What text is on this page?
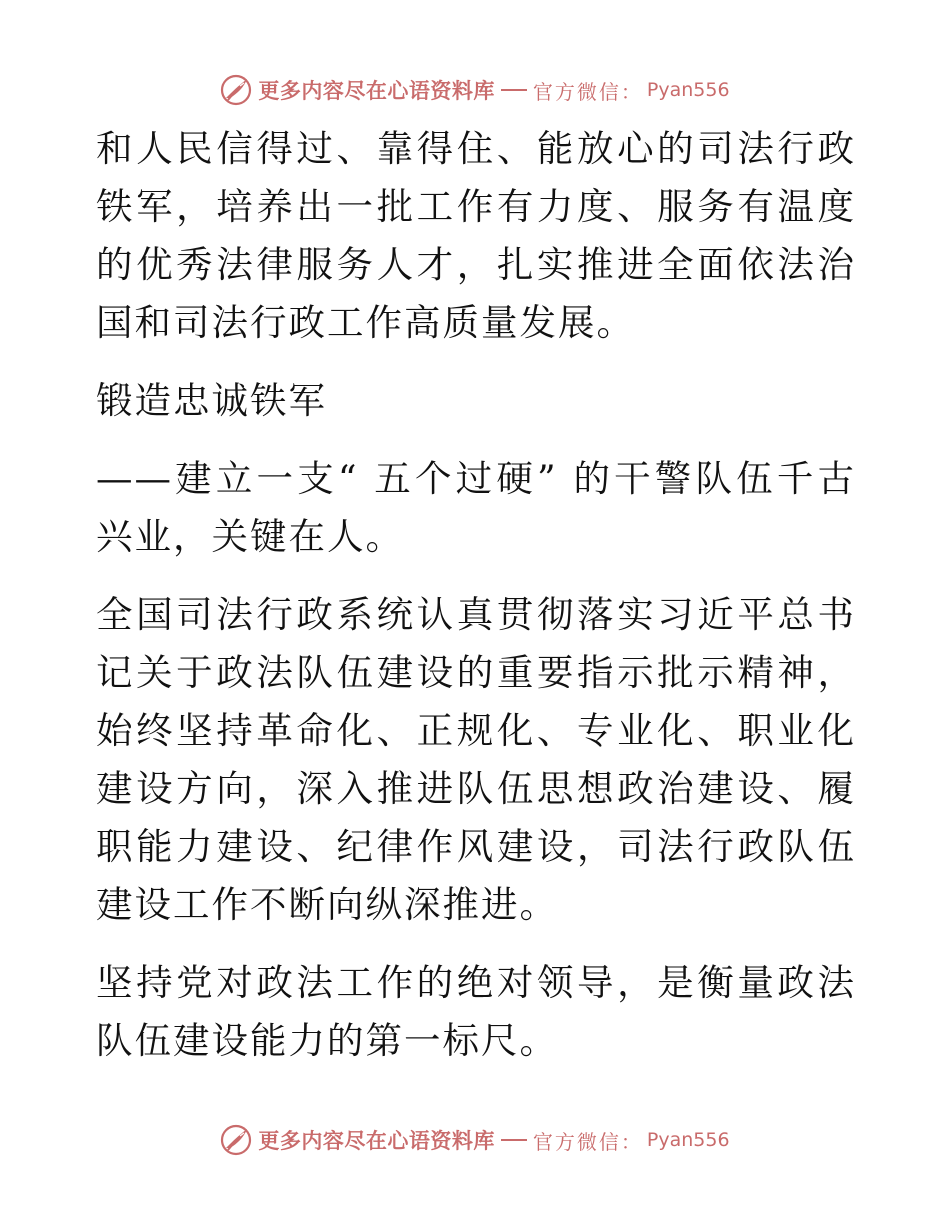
更多内容尽在心语资料库 官方微信： Pyan556

和人民信得过、靠得住、能放心的司法行政铁军，培养出一批工作有力度、服务有温度的优秀法律服务人才，扎实推进全面依法治国和司法行政工作高质量发展。

锻造忠诚铁军

——建立一支“ 五个过硬” 的干警队伍千古兴业，关键在人。

全国司法行政系统认真贯彻落实习近平总书记关于政法队伍建设的重要指示批示精神，始终坚持革命化、正规化、专业化、职业化建设方向，深入推进队伍思想政治建设、履职能力建设、纪律作风建设，司法行政队伍建设工作不断向纵深推进。

坚持党对政法工作的绝对领导，是衡量政法队伍建设能力的第一标尺。

更多内容尽在心语资料库 官方微信： Pyan556
